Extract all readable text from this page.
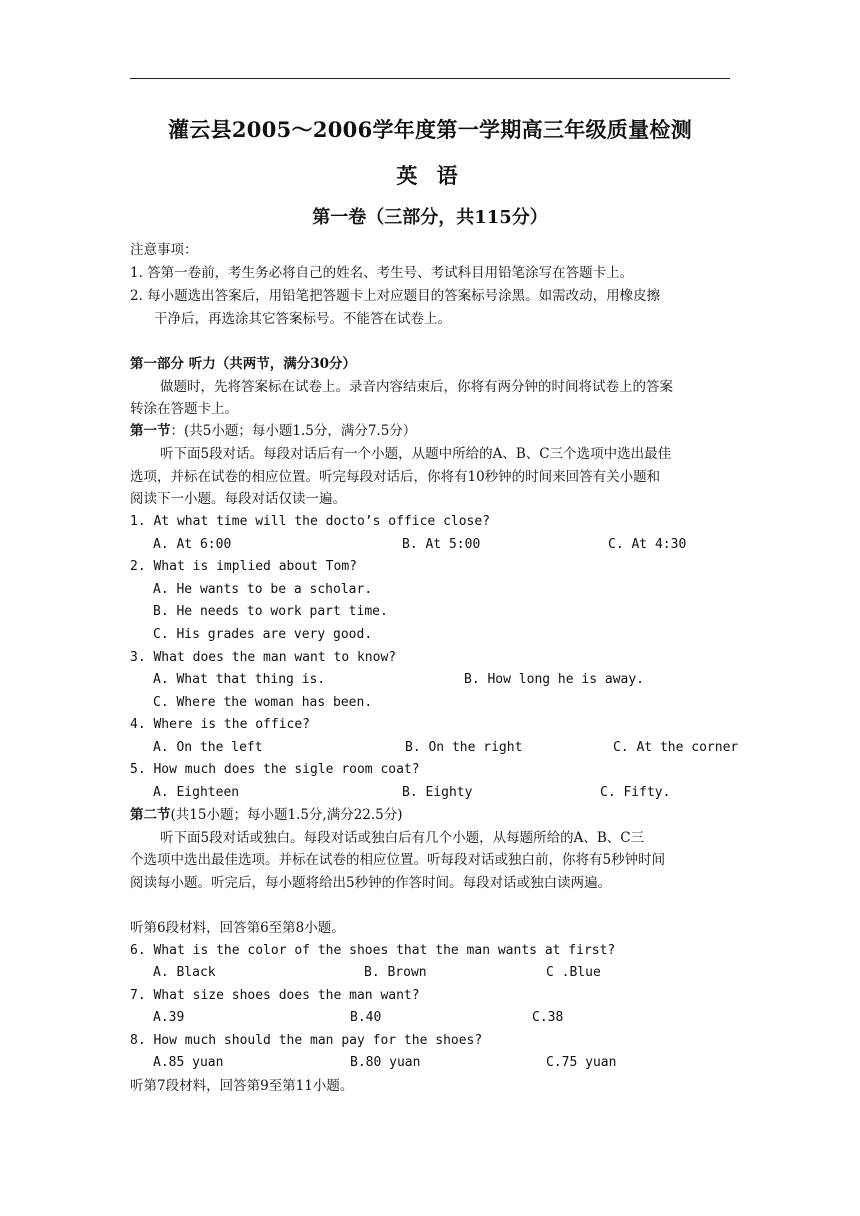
灌云县2005～2006学年度第一学期高三年级质量检测
英 语
第一卷（三部分，共115分）
注意事项：
1. 答第一卷前，考生务必将自己的姓名、考生号、考试科目用铅笔涂写在答题卡上。
2. 每小题选出答案后，用铅笔把答题卡上对应题目的答案标号涂黑。如需改动，用橡皮擦
干净后，再选涂其它答案标号。不能答在试卷上。
第一部分 听力（共两节，满分30分）
做题时，先将答案标在试卷上。录音内容结束后，你将有两分钟的时间将试卷上的答案
转涂在答题卡上。
第一节：(共5小题；每小题1.5分，满分7.5分）
听下面5段对话。每段对话后有一个小题，从题中所给的A、B、C三个选项中选出最佳
选项，并标在试卷的相应位置。听完每段对话后，你将有10秒钟的时间来回答有关小题和
阅读下一小题。每段对话仅读一遍。
1. At what time will the docto’s office close?
A. At 6:00	B. At 5:00	C. At 4:30
2. What is implied about Tom?
A. He wants to be a scholar.
B. He needs to work part time.
C. His grades are very good.
3. What does the man want to know?
A. What that thing is.	B. How long he is away.
C. Where the woman has been.
4. Where is the office?
A. On the left	B. On the right	C. At the corner
5. How much does the sigle room coat?
A. Eighteen	B. Eighty	C. Fifty.
第二节(共15小题；每小题1.5分,满分22.5分)
听下面5段对话或独白。每段对话或独白后有几个小题，从每题所给的A、B、C三
个选项中选出最佳选项。并标在试卷的相应位置。听每段对话或独白前，你将有5秒钟时间
阅读每小题。听完后，每小题将给出5秒钟的作答时间。每段对话或独白读两遍。
听第6段材料，回答第6至第8小题。
6. What is the color of the shoes that the man wants at first?
A. Black	B. Brown	C .Blue
7. What size shoes does the man want?
A.39	B.40	C.38
8. How much should the man pay for the shoes?
A.85 yuan	B.80 yuan	C.75 yuan
听第7段材料，回答第9至第11小题。
